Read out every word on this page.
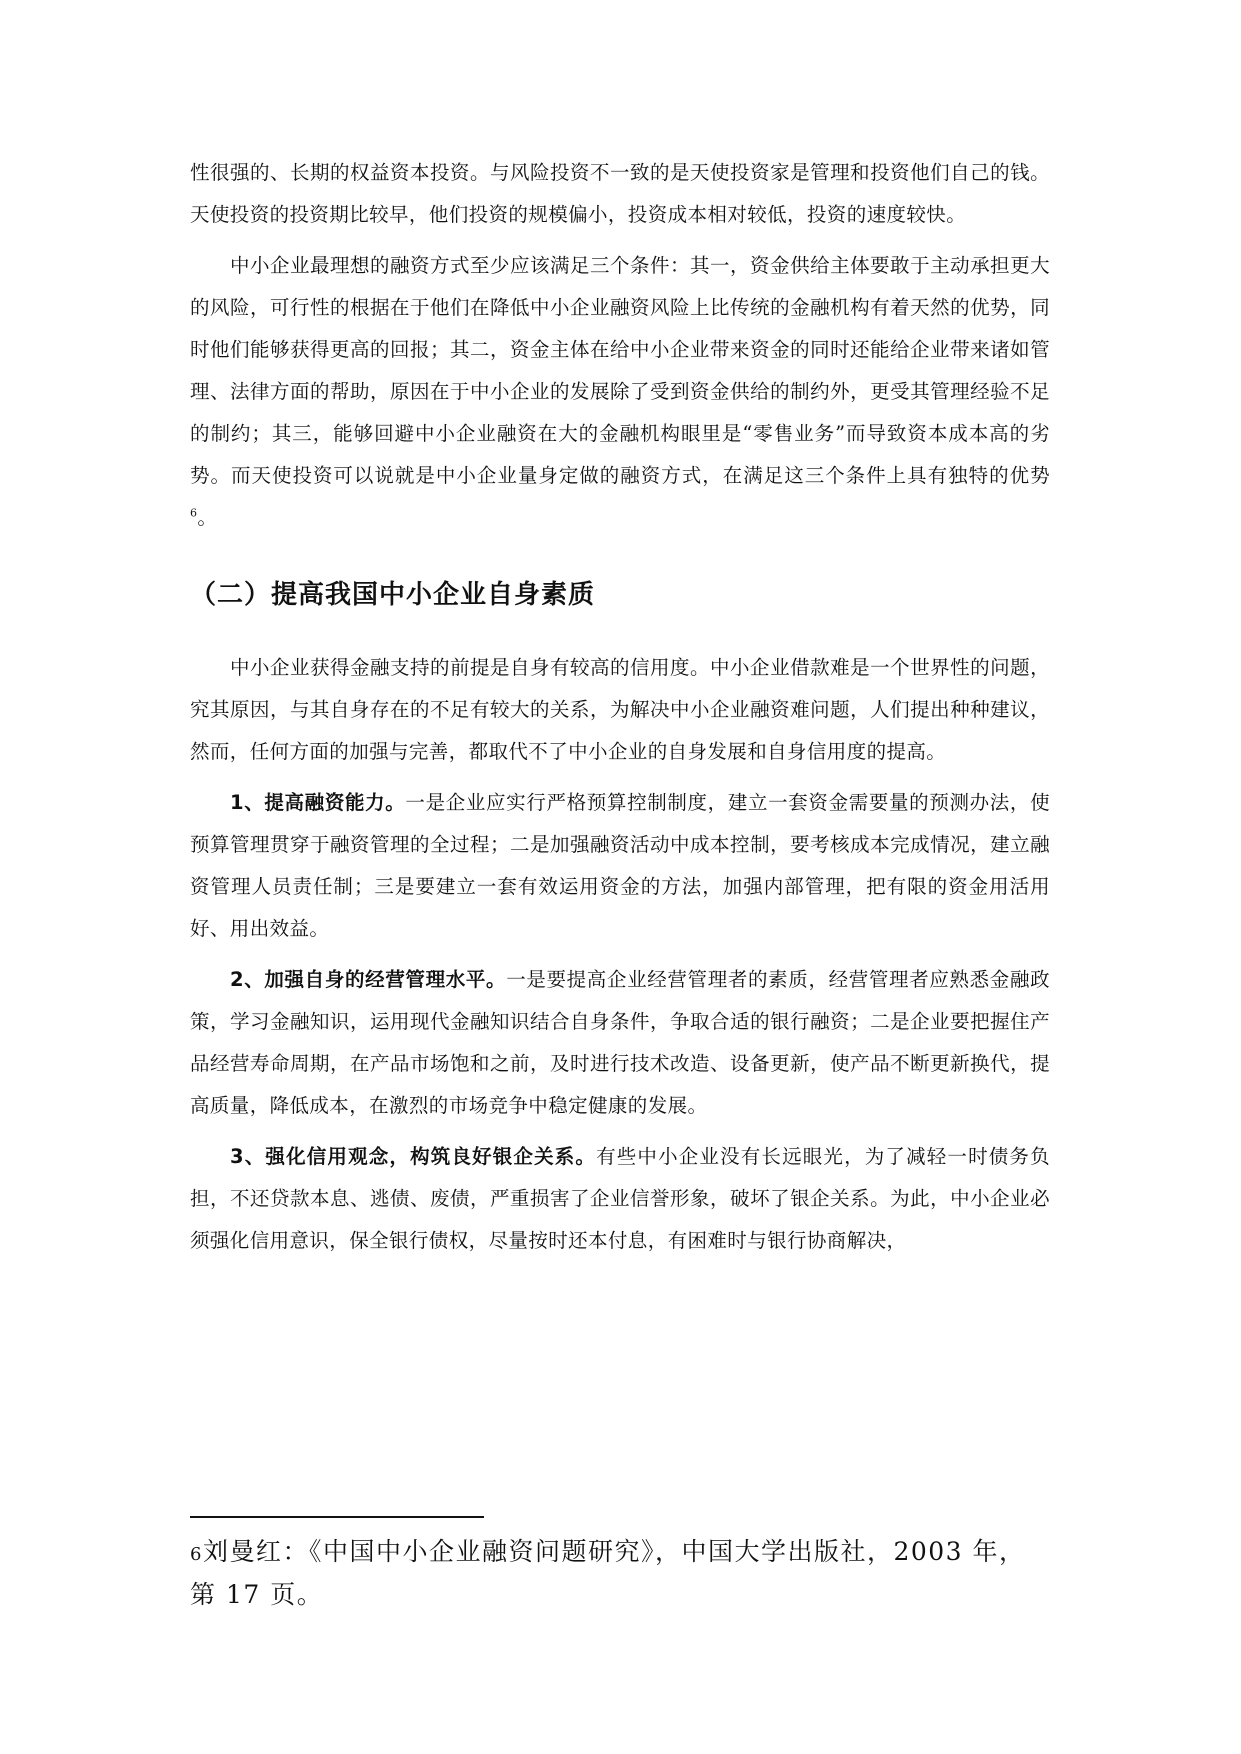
性很强的、长期的权益资本投资。与风险投资不一致的是天使投资家是管理和投资他们自己的钱。天使投资的投资期比较早，他们投资的规模偏小，投资成本相对较低，投资的速度较快。

中小企业最理想的融资方式至少应该满足三个条件：其一，资金供给主体要敢于主动承担更大的风险，可行性的根据在于他们在降低中小企业融资风险上比传统的金融机构有着天然的优势，同时他们能够获得更高的回报；其二，资金主体在给中小企业带来资金的同时还能给企业带来诸如管理、法律方面的帮助，原因在于中小企业的发展除了受到资金供给的制约外，更受其管理经验不足的制约；其三，能够回避中小企业融资在大的金融机构眼里是“零售业务”而导致资本成本高的劣势。而天使投资可以说就是中小企业量身定做的融资方式，在满足这三个条件上具有独特的优势$^6$。

（二）提高我国中小企业自身素质

中小企业获得金融支持的前提是自身有较高的信用度。中小企业借款难是一个世界性的问题，究其原因，与其自身存在的不足有较大的关系，为解决中小企业融资难问题，人们提出种种建议，然而，任何方面的加强与完善，都取代不了中小企业的自身发展和自身信用度的提高。

1、提高融资能力。一是企业应实行严格预算控制制度，建立一套资金需要量的预测办法，使预算管理贯穿于融资管理的全过程；二是加强融资活动中成本控制，要考核成本完成情况，建立融资管理人员责任制；三是要建立一套有效运用资金的方法，加强内部管理，把有限的资金用活用好、用出效益。

2、加强自身的经营管理水平。一是要提高企业经营管理者的素质，经营管理者应熟悉金融政策，学习金融知识，运用现代金融知识结合自身条件，争取合适的银行融资；二是企业要把握住产品经营寿命周期，在产品市场饱和之前，及时进行技术改造、设备更新，使产品不断更新换代，提高质量，降低成本，在激烈的市场竞争中稳定健康的发展。

3、强化信用观念，构筑良好银企关系。有些中小企业没有长远眼光，为了减轻一时债务负担，不还贷款本息、逃债、废债，严重损害了企业信誉形象，破坏了银企关系。为此，中小企业必须强化信用意识，保全银行债权，尽量按时还本付息，有困难时与银行协商解决，

6刘曼红：《中国中小企业融资问题研究》，中国大学出版社，2003 年，第 17 页。
